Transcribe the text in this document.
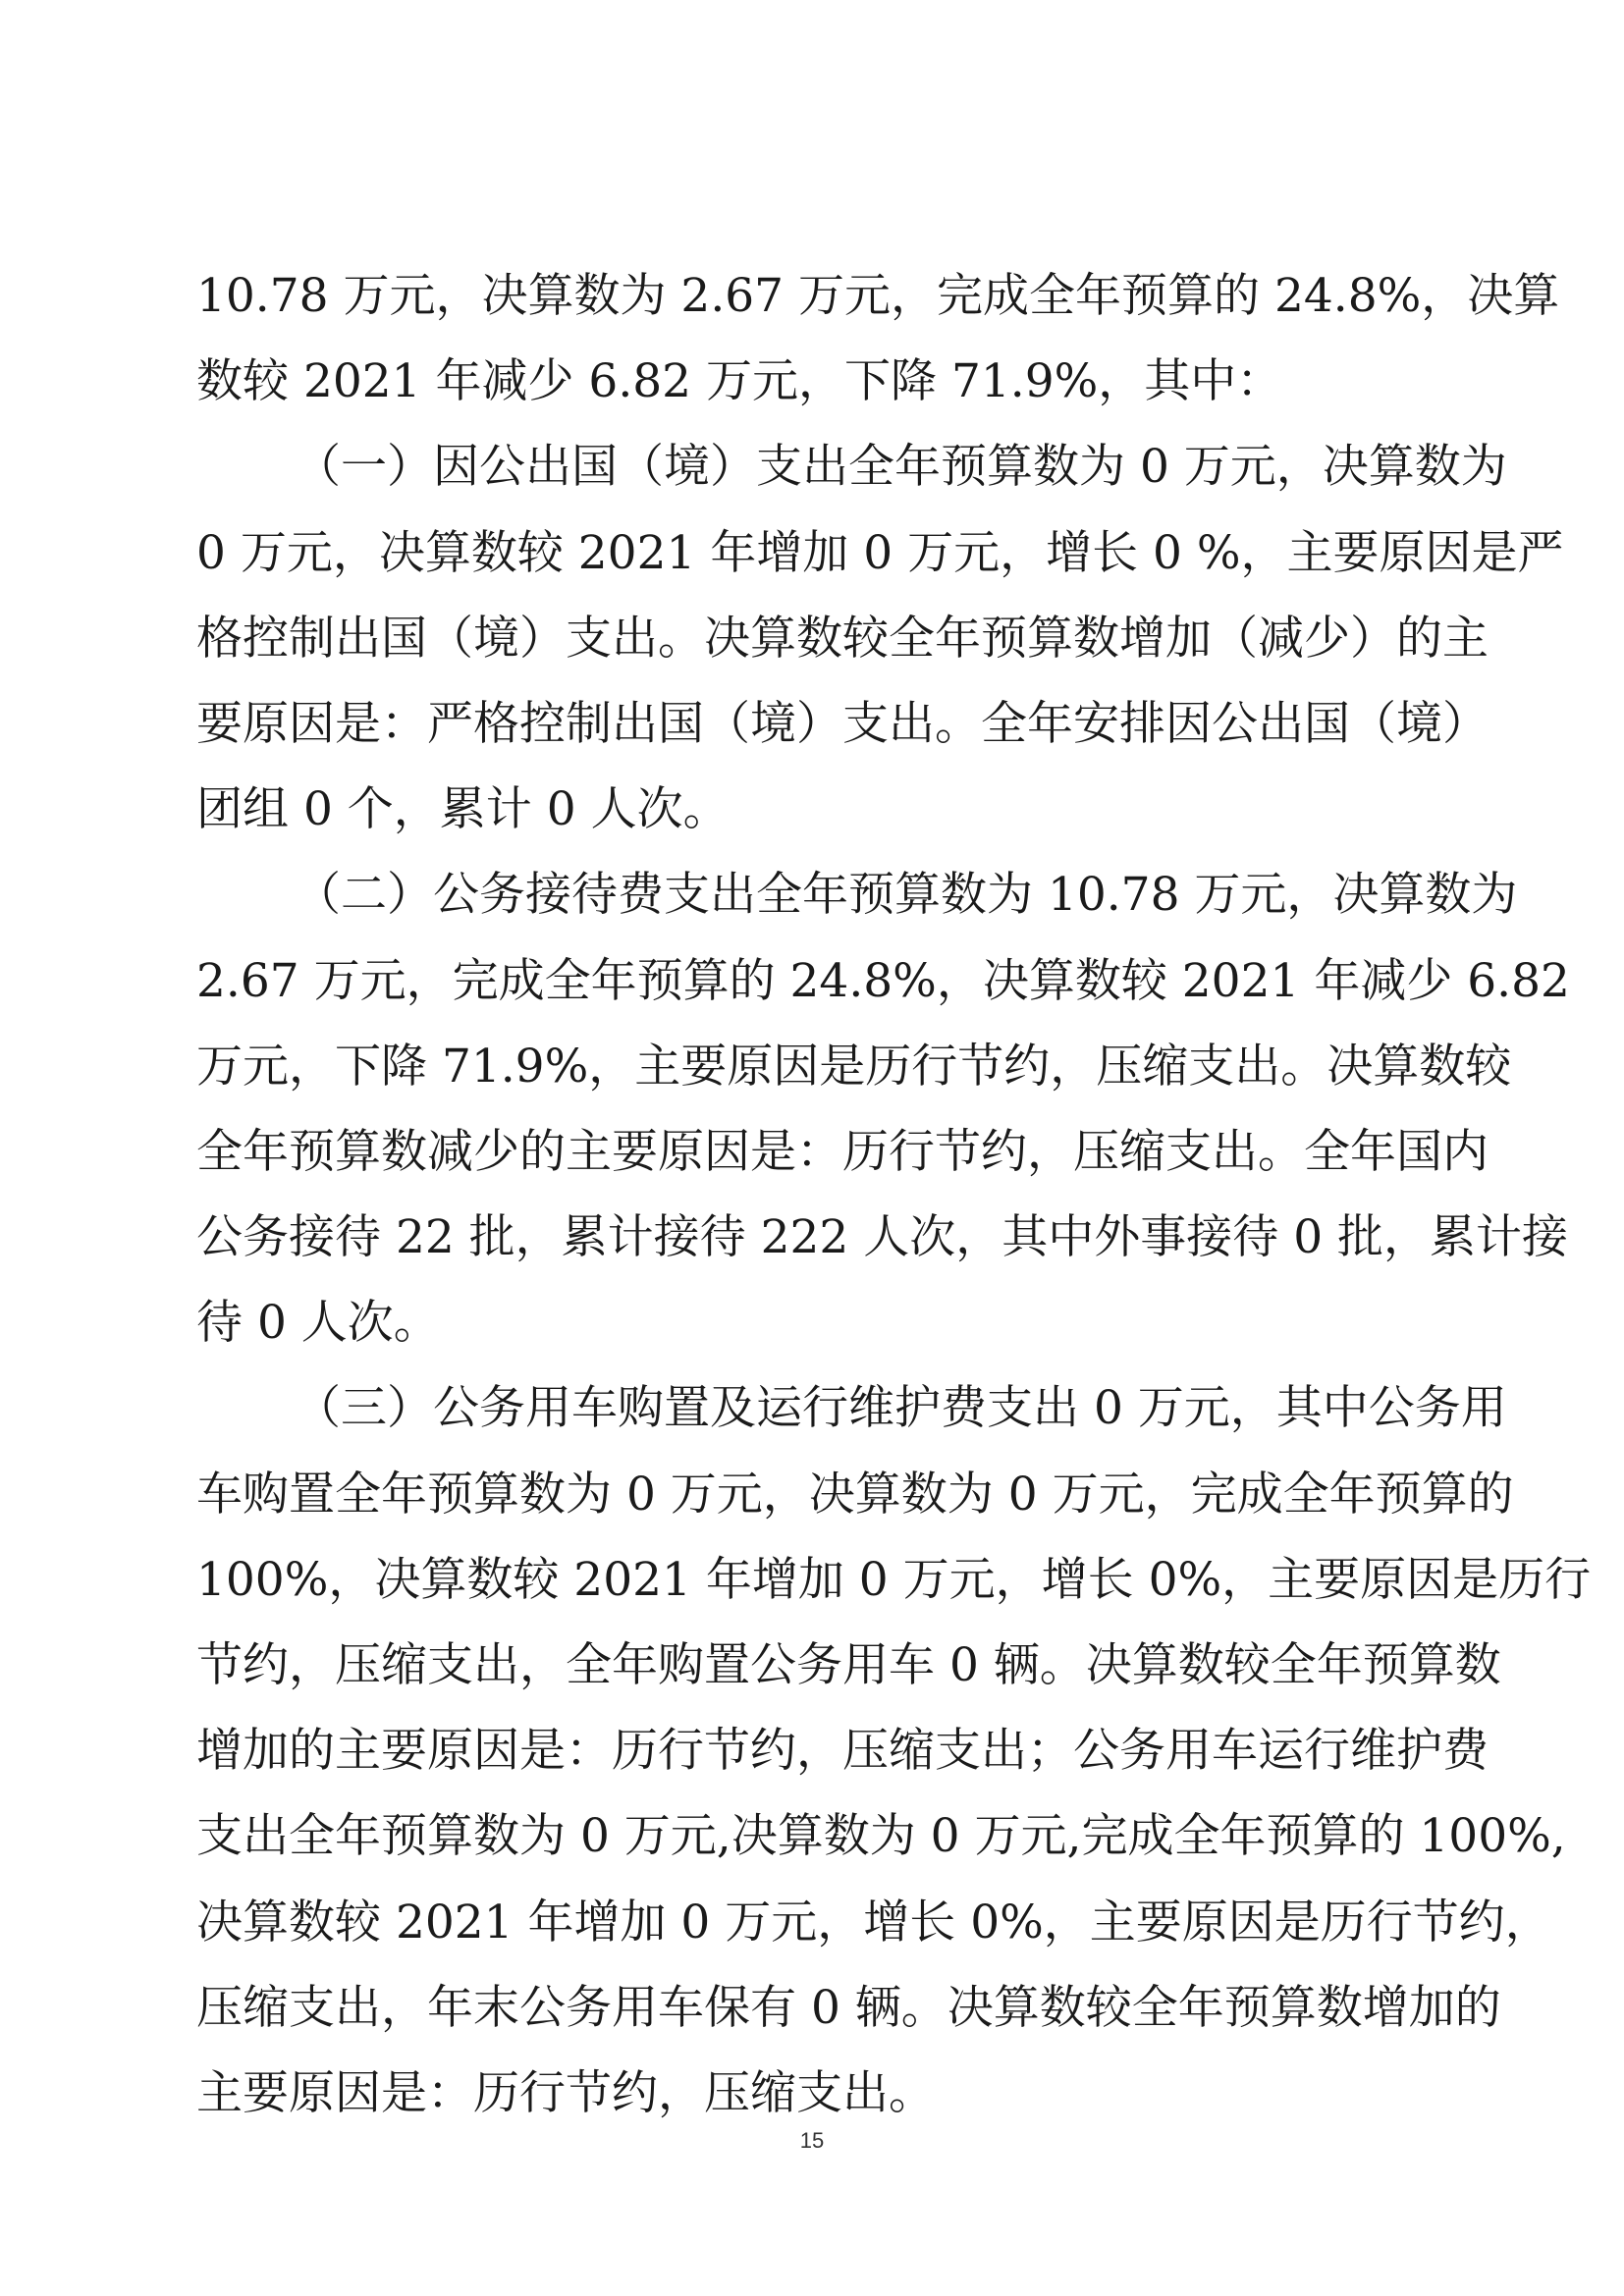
10.78 万元，决算数为 2.67 万元，完成全年预算的 24.8%，决算
数较 2021 年减少 6.82 万元，下降 71.9%，其中：
（一）因公出国（境）支出全年预算数为 0 万元，决算数为
0 万元，决算数较 2021 年增加 0 万元，增长 0 %，主要原因是严
格控制出国（境）支出。决算数较全年预算数增加（减少）的主
要原因是：严格控制出国（境）支出。全年安排因公出国（境）
团组 0 个，累计 0 人次。
（二）公务接待费支出全年预算数为 10.78 万元，决算数为
2.67 万元，完成全年预算的 24.8%，决算数较 2021 年减少 6.82
万元，下降 71.9%，主要原因是历行节约，压缩支出。决算数较
全年预算数减少的主要原因是：历行节约，压缩支出。全年国内
公务接待 22 批，累计接待 222 人次，其中外事接待 0 批，累计接
待 0 人次。
（三）公务用车购置及运行维护费支出 0 万元，其中公务用
车购置全年预算数为 0 万元，决算数为 0 万元，完成全年预算的
100%，决算数较 2021 年增加 0 万元，增长 0%，主要原因是历行
节约，压缩支出，全年购置公务用车 0 辆。决算数较全年预算数
增加的主要原因是：历行节约，压缩支出；公务用车运行维护费
支出全年预算数为 0 万元,决算数为 0 万元,完成全年预算的 100%,
决算数较 2021 年增加 0 万元，增长 0%，主要原因是历行节约，
压缩支出，年末公务用车保有 0 辆。决算数较全年预算数增加的
主要原因是：历行节约，压缩支出。
15
